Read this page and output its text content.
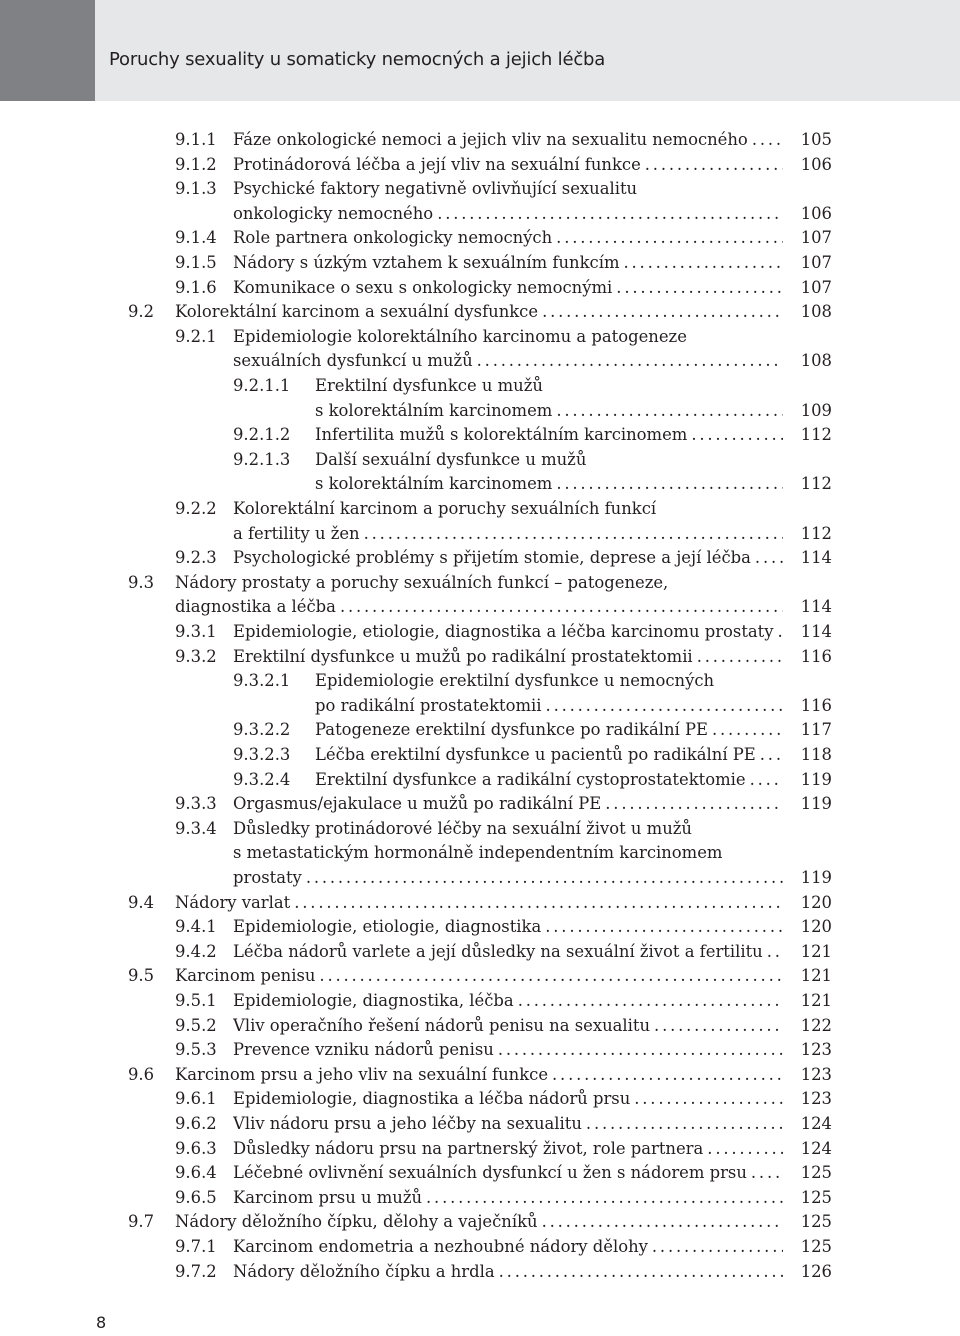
Poruchy sexuality u somaticky nemocných a jejich léčba
9.1.1 Fáze onkologické nemoci a jejich vliv na sexualitu nemocného . . .	105
9.1.2 Protinádorová léčba a její vliv na sexuální funkce . . .	106
9.1.3 Psychické faktory negativně ovlivňující sexualitu
onkologicky nemocného . . .	106
9.1.4 Role partnera onkologicky nemocných . . .	107
9.1.5 Nádory s úzkým vztahem k sexuálním funkcím . . .	107
9.1.6 Komunikace o sexu s onkologicky nemocnými . . .	107
9.2 Kolorektální karcinom a sexuální dysfunkce . . .	108
9.2.1 Epidemiologie kolorektálního karcinomu a patogeneze
sexuálních dysfunkcí u mužů . . .	108
9.2.1.1 Erektilní dysfunkce u mužů
s kolorektálním karcinomem . . .	109
9.2.1.2 Infertilita mužů s kolorektálním karcinomem . . .	112
9.2.1.3 Další sexuální dysfunkce u mužů
s kolorektálním karcinomem . . .	112
9.2.2 Kolorektální karcinom a poruchy sexuálních funkcí
a fertility u žen . . .	112
9.2.3 Psychologické problémy s přijetím stomie, deprese a její léčba . . .	114
9.3 Nádory prostaty a poruchy sexuálních funkcí – patogeneze,
diagnostika a léčba . . .	114
9.3.1 Epidemiologie, etiologie, diagnostika a léčba karcinomu prostaty . . .	114
9.3.2 Erektilní dysfunkce u mužů po radikální prostatektomii . . .	116
9.3.2.1 Epidemiologie erektilní dysfunkce u nemocných
po radikální prostatektomii . . .	116
9.3.2.2 Patogeneze erektilní dysfunkce po radikální PE . . .	117
9.3.2.3 Léčba erektilní dysfunkce u pacientů po radikální PE . . .	118
9.3.2.4 Erektilní dysfunkce a radikální cystoprostatektomie . . .	119
9.3.3 Orgasmus/ejakulace u mužů po radikální PE . . .	119
9.3.4 Důsledky protinádorové léčby na sexuální život u mužů
s metastatickým hormonálně independentním karcinomem
prostaty . . .	119
9.4 Nádory varlat . . .	120
9.4.1 Epidemiologie, etiologie, diagnostika . . .	120
9.4.2 Léčba nádorů varlete a její důsledky na sexuální život a fertilitu . . .	121
9.5 Karcinom penisu . . .	121
9.5.1 Epidemiologie, diagnostika, léčba . . .	121
9.5.2 Vliv operačního řešení nádorů penisu na sexualitu . . .	122
9.5.3 Prevence vzniku nádorů penisu . . .	123
9.6 Karcinom prsu a jeho vliv na sexuální funkce . . .	123
9.6.1 Epidemiologie, diagnostika a léčba nádorů prsu . . .	123
9.6.2 Vliv nádoru prsu a jeho léčby na sexualitu . . .	124
9.6.3 Důsledky nádoru prsu na partnerský život, role partnera . . .	124
9.6.4 Léčebné ovlivnění sexuálních dysfunkcí u žen s nádorem prsu . . .	125
9.6.5 Karcinom prsu u mužů . . .	125
9.7 Nádory děložního čípku, dělohy a vaječníků . . .	125
9.7.1 Karcinom endometria a nezhoubné nádory dělohy . . .	125
9.7.2 Nádory děložního čípku a hrdla . . .	126
8
